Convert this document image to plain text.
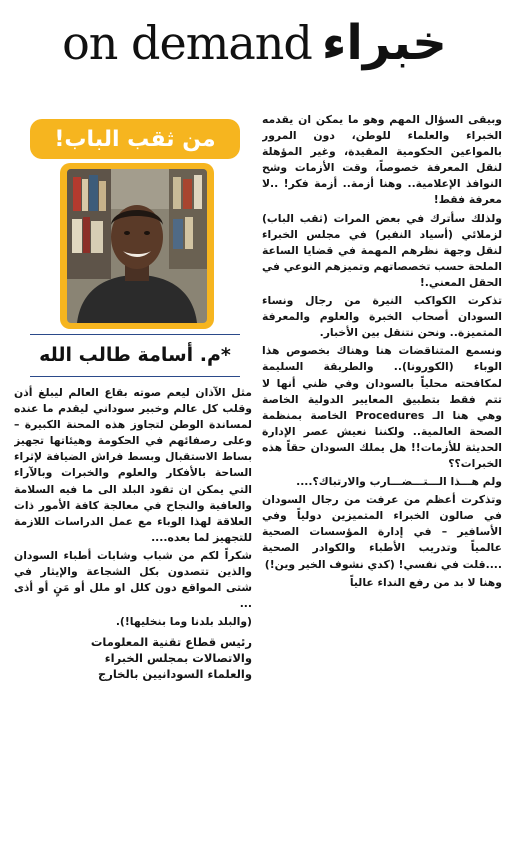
on demand خبراء

وبيقى السؤال المهم وهو ما يمكن ان يقدمه الخبراء والعلماء للوطن، دون المرور بالمواعين الحكومية المقيدة، وغير المؤهلة لنقل المعرفة خصوصاً، وقت الأزمات وشح النوافذ الإعلامية.. وهنا أزمة.. أزمة فكر! ..لا معرفة فقط!

ولذلك سأترك في بعض المرات (ثقب الباب) لزملائي (أسياد النفير) في مجلس الخبراء لنقل وجهة نظرهم المهمة في قضايا الساعة الملحة حسب تخصصاتهم وتميزهم النوعي في الحقل المعني.!

تذكرت الكواكب النيرة من رجال ونساء السودان أصحاب الخبرة والعلوم والمعرفة المتميزة.. ونحن نتنقل بين الأخبار.

ونسمع المتناقضات هنا وهناك بخصوص هذا الوباء (الكورونا).. والطريقة السليمة لمكافحته محلياً بالسودان وفي ظني أنها لا تتم فقط بتطبيق المعايير الدولية الخاصة وهي هنا الـ Procedures الخاصة بمنظمة الصحة العالمية.. ولكننا نعيش عصر الإدارة الحديثة للأزمات!! هل يملك السودان حقاً هذه الخبرات؟؟

ولم هـــذا الـــتـــضـــارب والارتباك؟....

وتذكرت أعظم من عرفت من رجال السودان في صالون الخبراء المتميزين دولياً وفي الأسافير – في إدارة المؤسسات الصحية عالمياً وتدريب الأطباء والكوادر الصحية ....قلت في نفسي! (كدي نشوف الخير وين!)

وهنا لا بد من رفع النداء عالياً

من ثقب الباب!
*م. أسامة طالب الله

مثل الآذان ليعم صوته بقاع العالم ليبلغ أذن وقلب كل عالم وخبير سوداني ليقدم ما عنده لمساندة الوطن لتجاوز هذه المحنة الكبيرة – وعلى رصفائهم في الحكومة وهيئاتها تجهيز بساط الاستقبال وبسط فراش الضيافة لإثراء الساحة بالأفكار والعلوم والخبرات وبالآراء التي يمكن ان تقود البلد الى ما فيه السلامة والعافية والنجاح في معالجة كافة الأمور ذات العلاقة لهذا الوباء مع عمل الدراسات اللازمة للتجهيز لما بعده....

شكراً لكم من شباب وشابات أطباء السودان والذين تتصدون بكل الشجاعة والإيثار في شتى المواقع دون كلل او ملل أو مَنٍ أو أذى ...

(والبلد بلدنا وما بنخليها!).

رئيس قطاع تقنية المعلومات
والاتصالات بمجلس الخبراء
والعلماء السودانيين بالخارج
